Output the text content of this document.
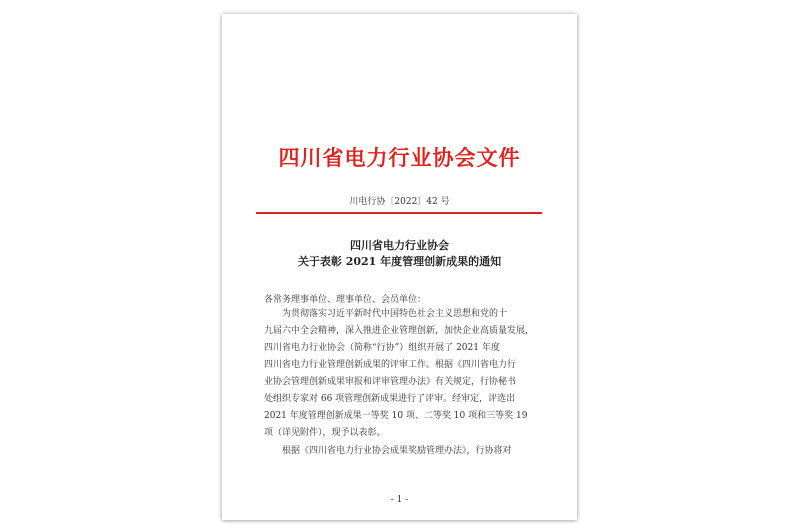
四川省电力行业协会文件
川电行协〔2022〕42 号
四川省电力行业协会
关于表彰 2021 年度管理创新成果的通知
各常务理事单位、理事单位、会员单位：
　　为贯彻落实习近平新时代中国特色社会主义思想和党的十
九届六中全会精神，深入推进企业管理创新，加快企业高质量发展，
四川省电力行业协会（简称“行协”）组织开展了 2021 年度
四川省电力行业管理创新成果的评审工作。根据《四川省电力行
业协会管理创新成果审报和评审管理办法》有关规定，行协秘书
处组织专家对 66 项管理创新成果进行了评审。经审定，评选出
2021 年度管理创新成果一等奖 10 项、二等奖 10 项和三等奖 19
项（详见附件），现予以表彰。
　　根据《四川省电力行业协会成果奖励管理办法》，行协将对
- 1 -
